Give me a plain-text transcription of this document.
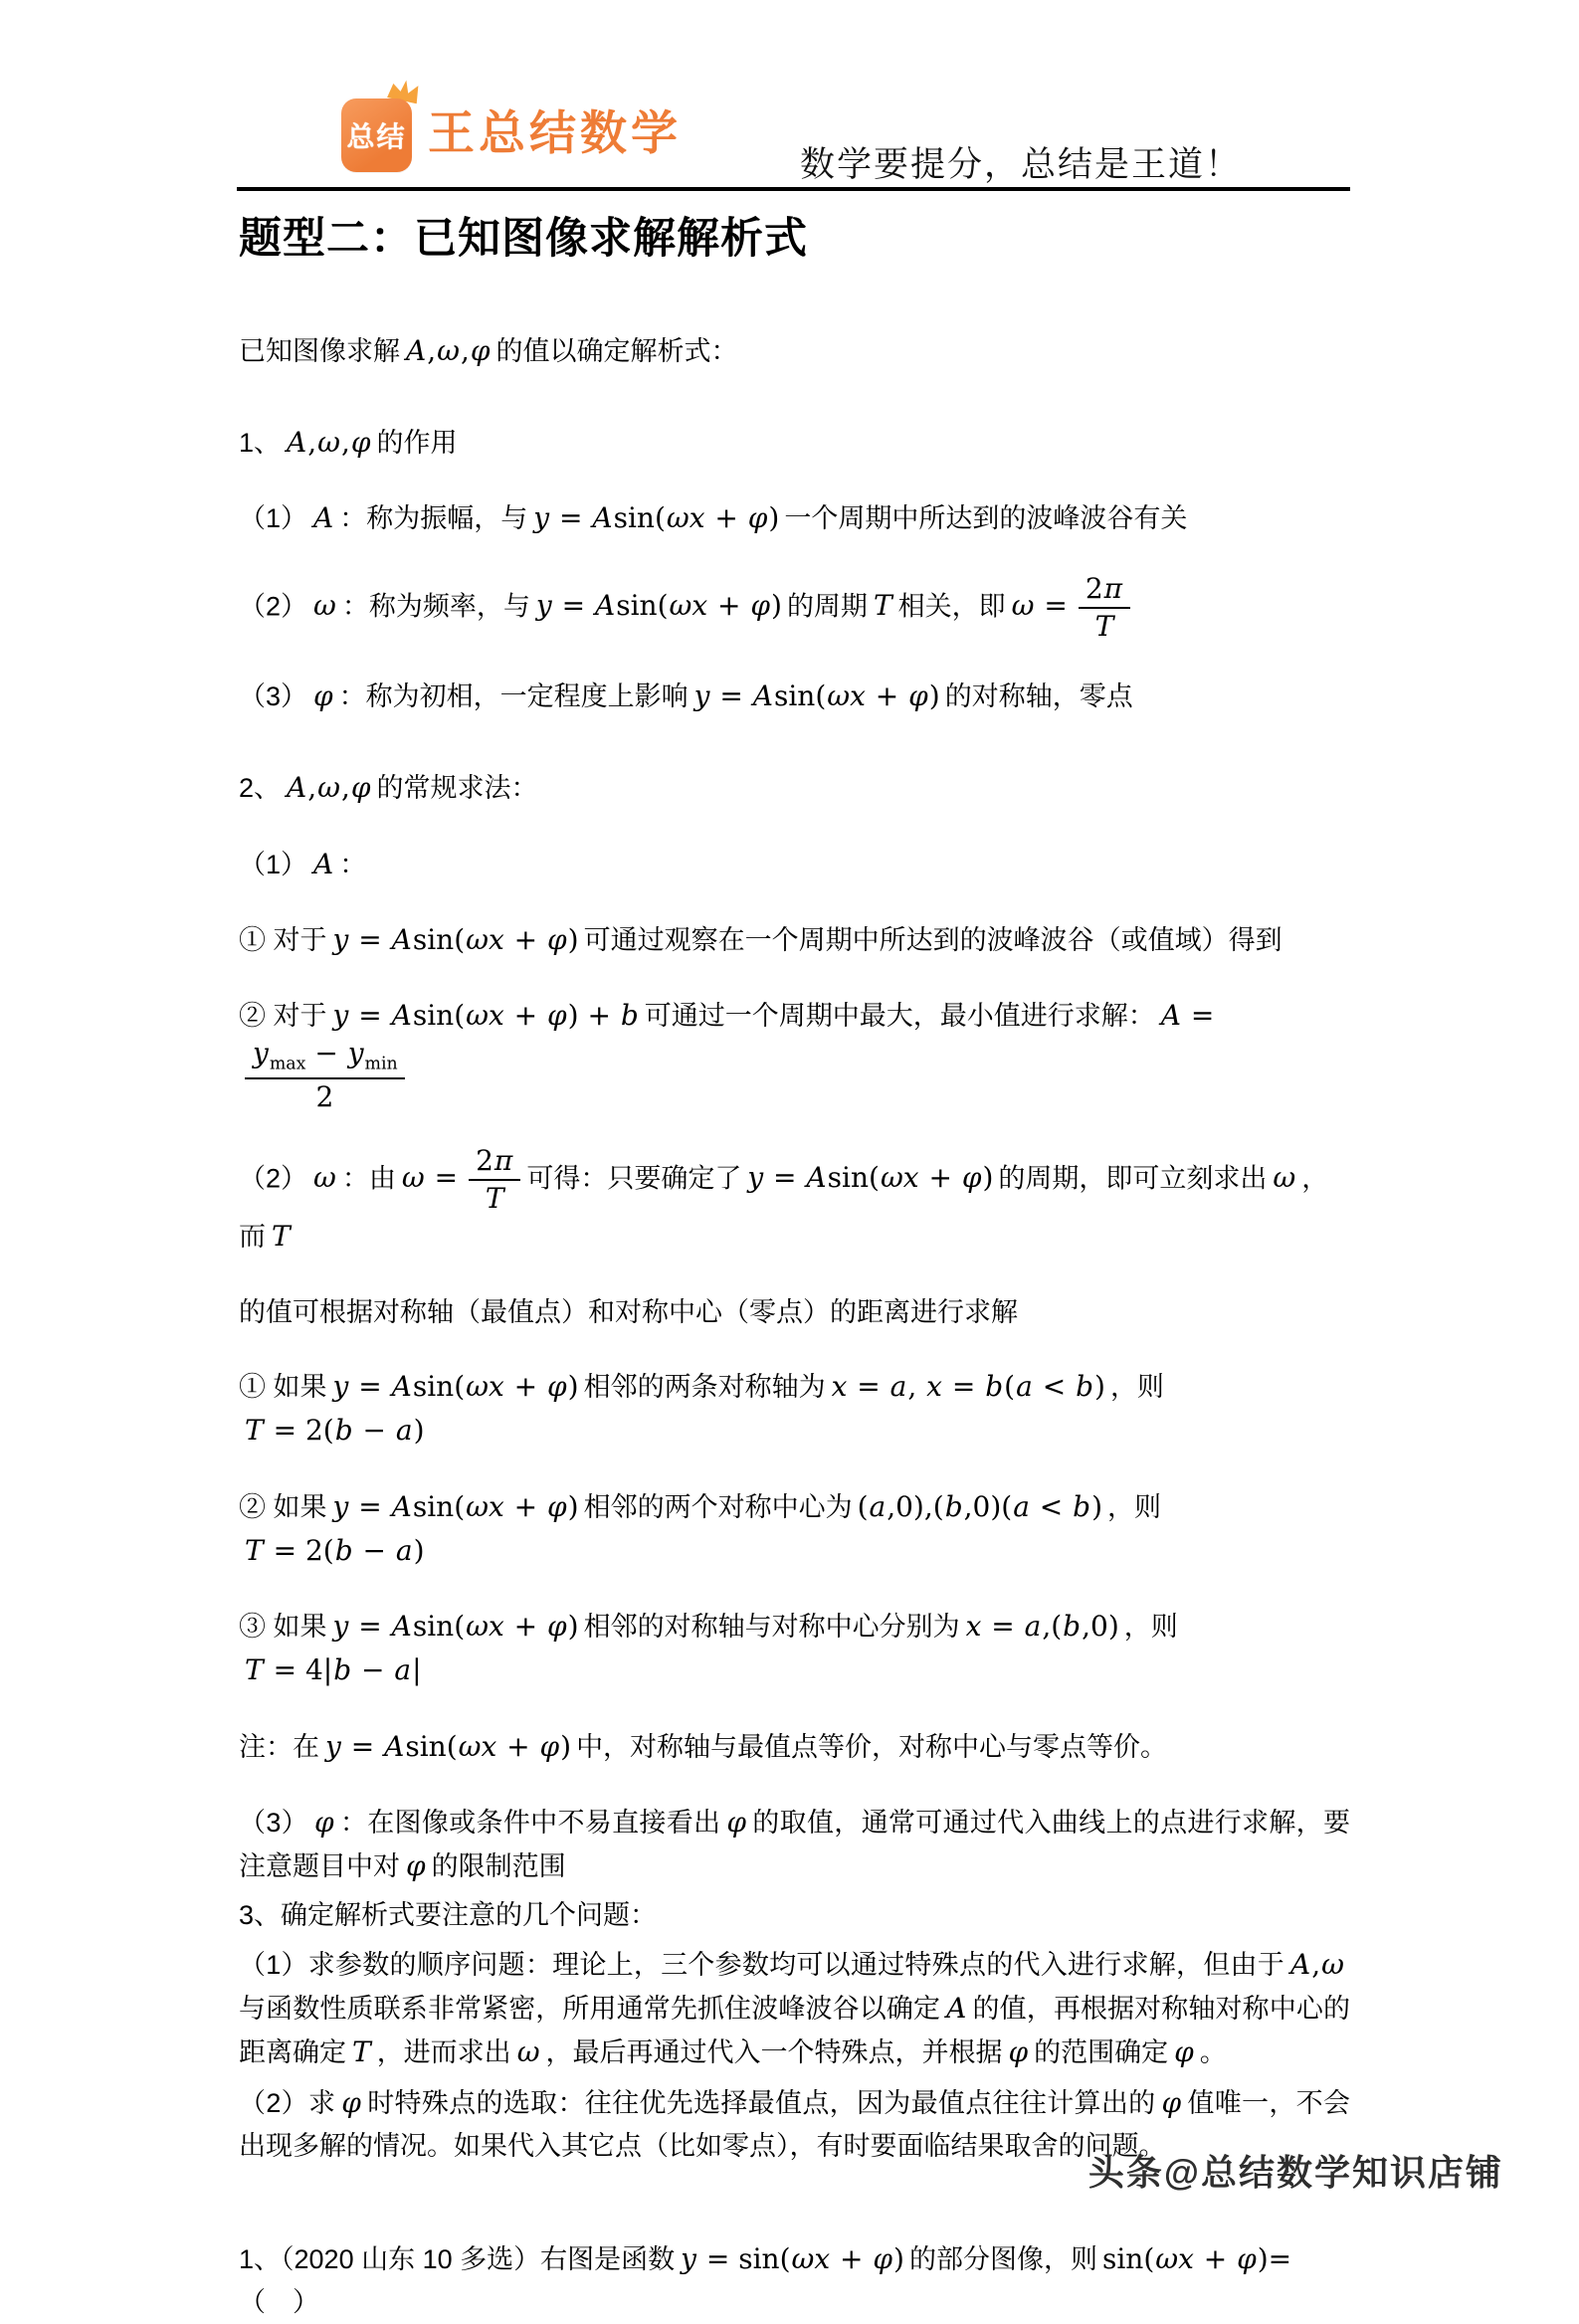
总结 王总结数学
数学要提分，总结是王道！
题型二：已知图像求解解析式

已知图像求解 A,ω,φ 的值以确定解析式：

1、 A,ω,φ 的作用

（1） A ：称为振幅，与 y = Asin(ωx + φ) 一个周期中所达到的波峰波谷有关

（2） ω ：称为频率，与 y = Asin(ωx + φ) 的周期 T 相关，即 $\omega = \frac{2\pi}{T}$

（3） φ ：称为初相，一定程度上影响 y = Asin(ωx + φ) 的对称轴，零点

2、 A,ω,φ 的常规求法：

（1） A ：

① 对于 y = Asin(ωx + φ) 可通过观察在一个周期中所达到的波峰波谷（或值域）得到

② 对于 y = Asin(ωx + φ) + b 可通过一个周期中最大，最小值进行求解： A =
$\frac{y_{max} - y_{min}}{2}$

（2） ω ：由 $\omega = \frac{2\pi}{T}$ 可得：只要确定了 y = Asin(ωx + φ) 的周期，即可立刻求出 ω ，而 T

的值可根据对称轴（最值点）和对称中心（零点）的距离进行求解

① 如果 y = Asin(ωx + φ) 相邻的两条对称轴为 x = a, x = b(a < b) ，则T = 2(b − a)

② 如果 y = Asin(ωx + φ) 相邻的两个对称中心为 (a,0),(b,0)(a < b) ，则T = 2(b − a)

③ 如果 y = Asin(ωx + φ) 相邻的对称轴与对称中心分别为 x = a,(b,0) ，则T = 4|b − a|

注：在 y = Asin(ωx + φ) 中，对称轴与最值点等价，对称中心与零点等价。

（3） φ ：在图像或条件中不易直接看出 φ 的取值，通常可通过代入曲线上的点进行求解，要注意题目中对 φ 的限制范围

3、确定解析式要注意的几个问题：

（1）求参数的顺序问题：理论上，三个参数均可以通过特殊点的代入进行求解，但由于 A,ω与函数性质联系非常紧密，所用通常先抓住波峰波谷以确定 A 的值，再根据对称轴对称中心的距离确定 T ，进而求出 ω ，最后再通过代入一个特殊点，并根据 φ 的范围确定 φ 。

（2）求 φ 时特殊点的选取：往往优先选择最值点，因为最值点往往计算出的 φ 值唯一，不会出现多解的情况。如果代入其它点（比如零点），有时要面临结果取舍的问题。

1、（2020 山东 10 多选）右图是函数 y = sin(ωx + φ) 的部分图像，则 sin(ωx + φ)=　（　）

头条@总结数学知识店铺
